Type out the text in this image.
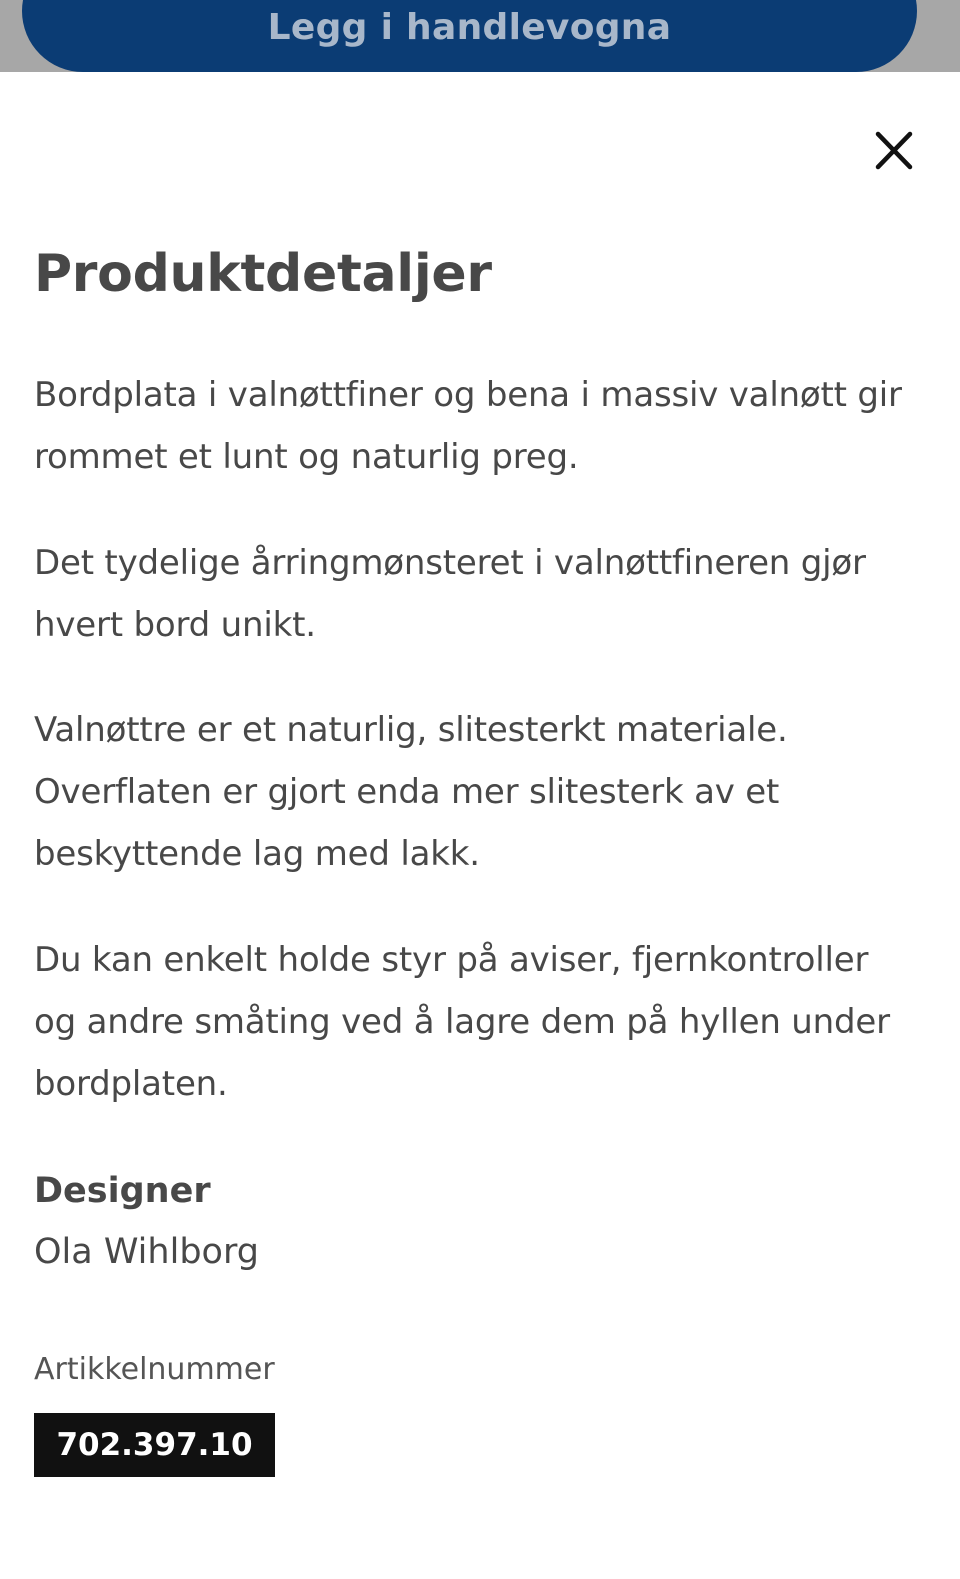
Legg i handlevogna
Produktdetaljer

Bordplata i valnøttfiner og bena i massiv valnøtt gir rommet et lunt og naturlig preg.

Det tydelige årringmønsteret i valnøttfineren gjør hvert bord unikt.

Valnøttre er et naturlig, slitesterkt materiale. Overflaten er gjort enda mer slitesterk av et beskyttende lag med lakk.

Du kan enkelt holde styr på aviser, fjernkontroller og andre småting ved å lagre dem på hyllen under bordplaten.

Designer
Ola Wihlborg
Artikkelnummer
702.397.10
